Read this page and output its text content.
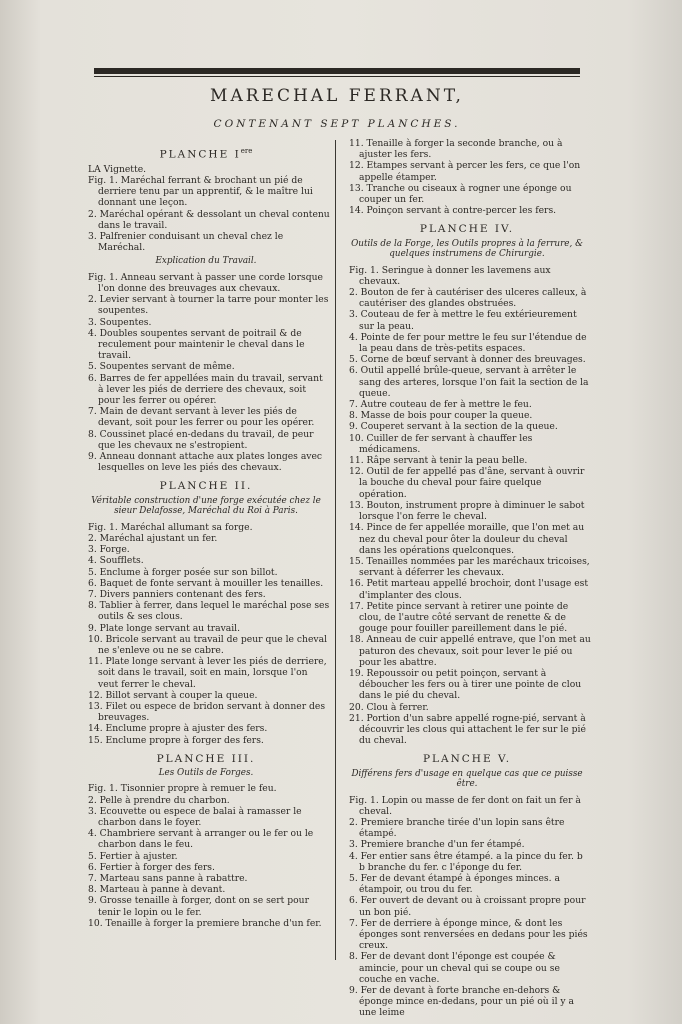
MARECHAL FERRANT,
CONTENANT SEPT PLANCHES.
PLANCHE Iere

LA Vignette.

Fig. 1. Maréchal ferrant & brochant un pié de derriere tenu par un apprentif, & le maître lui donnant une leçon.

2. Maréchal opérant & dessolant un cheval contenu dans le travail.

3. Palfrenier conduisant un cheval chez le Maréchal.

Explication du Travail.

Fig. 1. Anneau servant à passer une corde lorsque l'on donne des breuvages aux chevaux.

2. Levier servant à tourner la tarre pour monter les soupentes.

3. Soupentes.

4. Doubles soupentes servant de poitrail & de reculement pour maintenir le cheval dans le travail.

5. Soupentes servant de même.

6. Barres de fer appellées main du travail, servant à lever les piés de derriere des chevaux, soit pour les ferrer ou opérer.

7. Main de devant servant à lever les piés de devant, soit pour les ferrer ou pour les opérer.

8. Coussinet placé en-dedans du travail, de peur que les chevaux ne s'estropient.

9. Anneau donnant attache aux plates longes avec lesquelles on leve les piés des chevaux.

PLANCHE II.
Véritable construction d'une forge exécutée chez le sieur Delafosse, Maréchal du Roi à Paris.

Fig. 1. Maréchal allumant sa forge.

2. Maréchal ajustant un fer.

3. Forge.

4. Soufflets.

5. Enclume à forger posée sur son billot.

6. Baquet de fonte servant à mouiller les tenailles.

7. Divers panniers contenant des fers.

8. Tablier à ferrer, dans lequel le maréchal pose ses outils & ses clous.

9. Plate longe servant au travail.

10. Bricole servant au travail de peur que le cheval ne s'enleve ou ne se cabre.

11. Plate longe servant à lever les piés de derriere, soit dans le travail, soit en main, lorsque l'on veut ferrer le cheval.

12. Billot servant à couper la queue.

13. Filet ou espece de bridon servant à donner des breuvages.

14. Enclume propre à ajuster des fers.

15. Enclume propre à forger des fers.

PLANCHE III.
Les Outils de Forges.

Fig. 1. Tisonnier propre à remuer le feu.

2. Pelle à prendre du charbon.

3. Ecouvette ou espece de balai à ramasser le charbon dans le foyer.

4. Chambriere servant à arranger ou le fer ou le charbon dans le feu.

5. Fertier à ajuster.

6. Fertier à forger des fers.

7. Marteau sans panne à rabattre.

8. Marteau à panne à devant.

9. Grosse tenaille à forger, dont on se sert pour tenir le lopin ou le fer.

10. Tenaille à forger la premiere branche d'un fer.

11. Tenaille à forger la seconde branche, ou à ajuster les fers.

12. Etampes servant à percer les fers, ce que l'on appelle étamper.

13. Tranche ou ciseaux à rogner une éponge ou couper un fer.

14. Poinçon servant à contre-percer les fers.

PLANCHE IV.
Outils de la Forge, les Outils propres à la ferrure, & quelques instrumens de Chirurgie.

Fig. 1. Seringue à donner les lavemens aux chevaux.

2. Bouton de fer à cautériser des ulceres calleux, à cautériser des glandes obstruées.

3. Couteau de fer à mettre le feu extérieurement sur la peau.

4. Pointe de fer pour mettre le feu sur l'étendue de la peau dans de très-petits espaces.

5. Corne de bœuf servant à donner des breuvages.

6. Outil appellé brûle-queue, servant à arrêter le sang des arteres, lorsque l'on fait la section de la queue.

7. Autre couteau de fer à mettre le feu.

8. Masse de bois pour couper la queue.

9. Couperet servant à la section de la queue.

10. Cuiller de fer servant à chauffer les médicamens.

11. Râpe servant à tenir la peau belle.

12. Outil de fer appellé pas d'âne, servant à ouvrir la bouche du cheval pour faire quelque opération.

13. Bouton, instrument propre à diminuer le sabot lorsque l'on ferre le cheval.

14. Pince de fer appellée moraille, que l'on met au nez du cheval pour ôter la douleur du cheval dans les opérations quelconques.

15. Tenailles nommées par les maréchaux tricoises, servant à déferrer les chevaux.

16. Petit marteau appellé brochoir, dont l'usage est d'implanter des clous.

17. Petite pince servant à retirer une pointe de clou, de l'autre côté servant de renette & de gouge pour fouiller pareillement dans le pié.

18. Anneau de cuir appellé entrave, que l'on met au paturon des chevaux, soit pour lever le pié ou pour les abattre.

19. Repoussoir ou petit poinçon, servant à déboucher les fers ou à tirer une pointe de clou dans le pié du cheval.

20. Clou à ferrer.

21. Portion d'un sabre appellé rogne-pié, servant à découvrir les clous qui attachent le fer sur le pié du cheval.

PLANCHE V.
Différens fers d'usage en quelque cas que ce puisse être.

Fig. 1. Lopin ou masse de fer dont on fait un fer à cheval.

2. Premiere branche tirée d'un lopin sans être étampé.

3. Premiere branche d'un fer étampé.

4. Fer entier sans être étampé. a la pince du fer. b b branche du fer. c l'éponge du fer.

5. Fer de devant étampé à éponges minces. a étampoir, ou trou du fer.

6. Fer ouvert de devant ou à croissant propre pour un bon pié.

7. Fer de derriere à éponge mince, & dont les éponges sont renversées en dedans pour les piés creux.

8. Fer de devant dont l'éponge est coupée & amincie, pour un cheval qui se coupe ou se couche en vache.

9. Fer de devant à forte branche en-dehors & éponge mince en-dedans, pour un pié où il y a une leime
